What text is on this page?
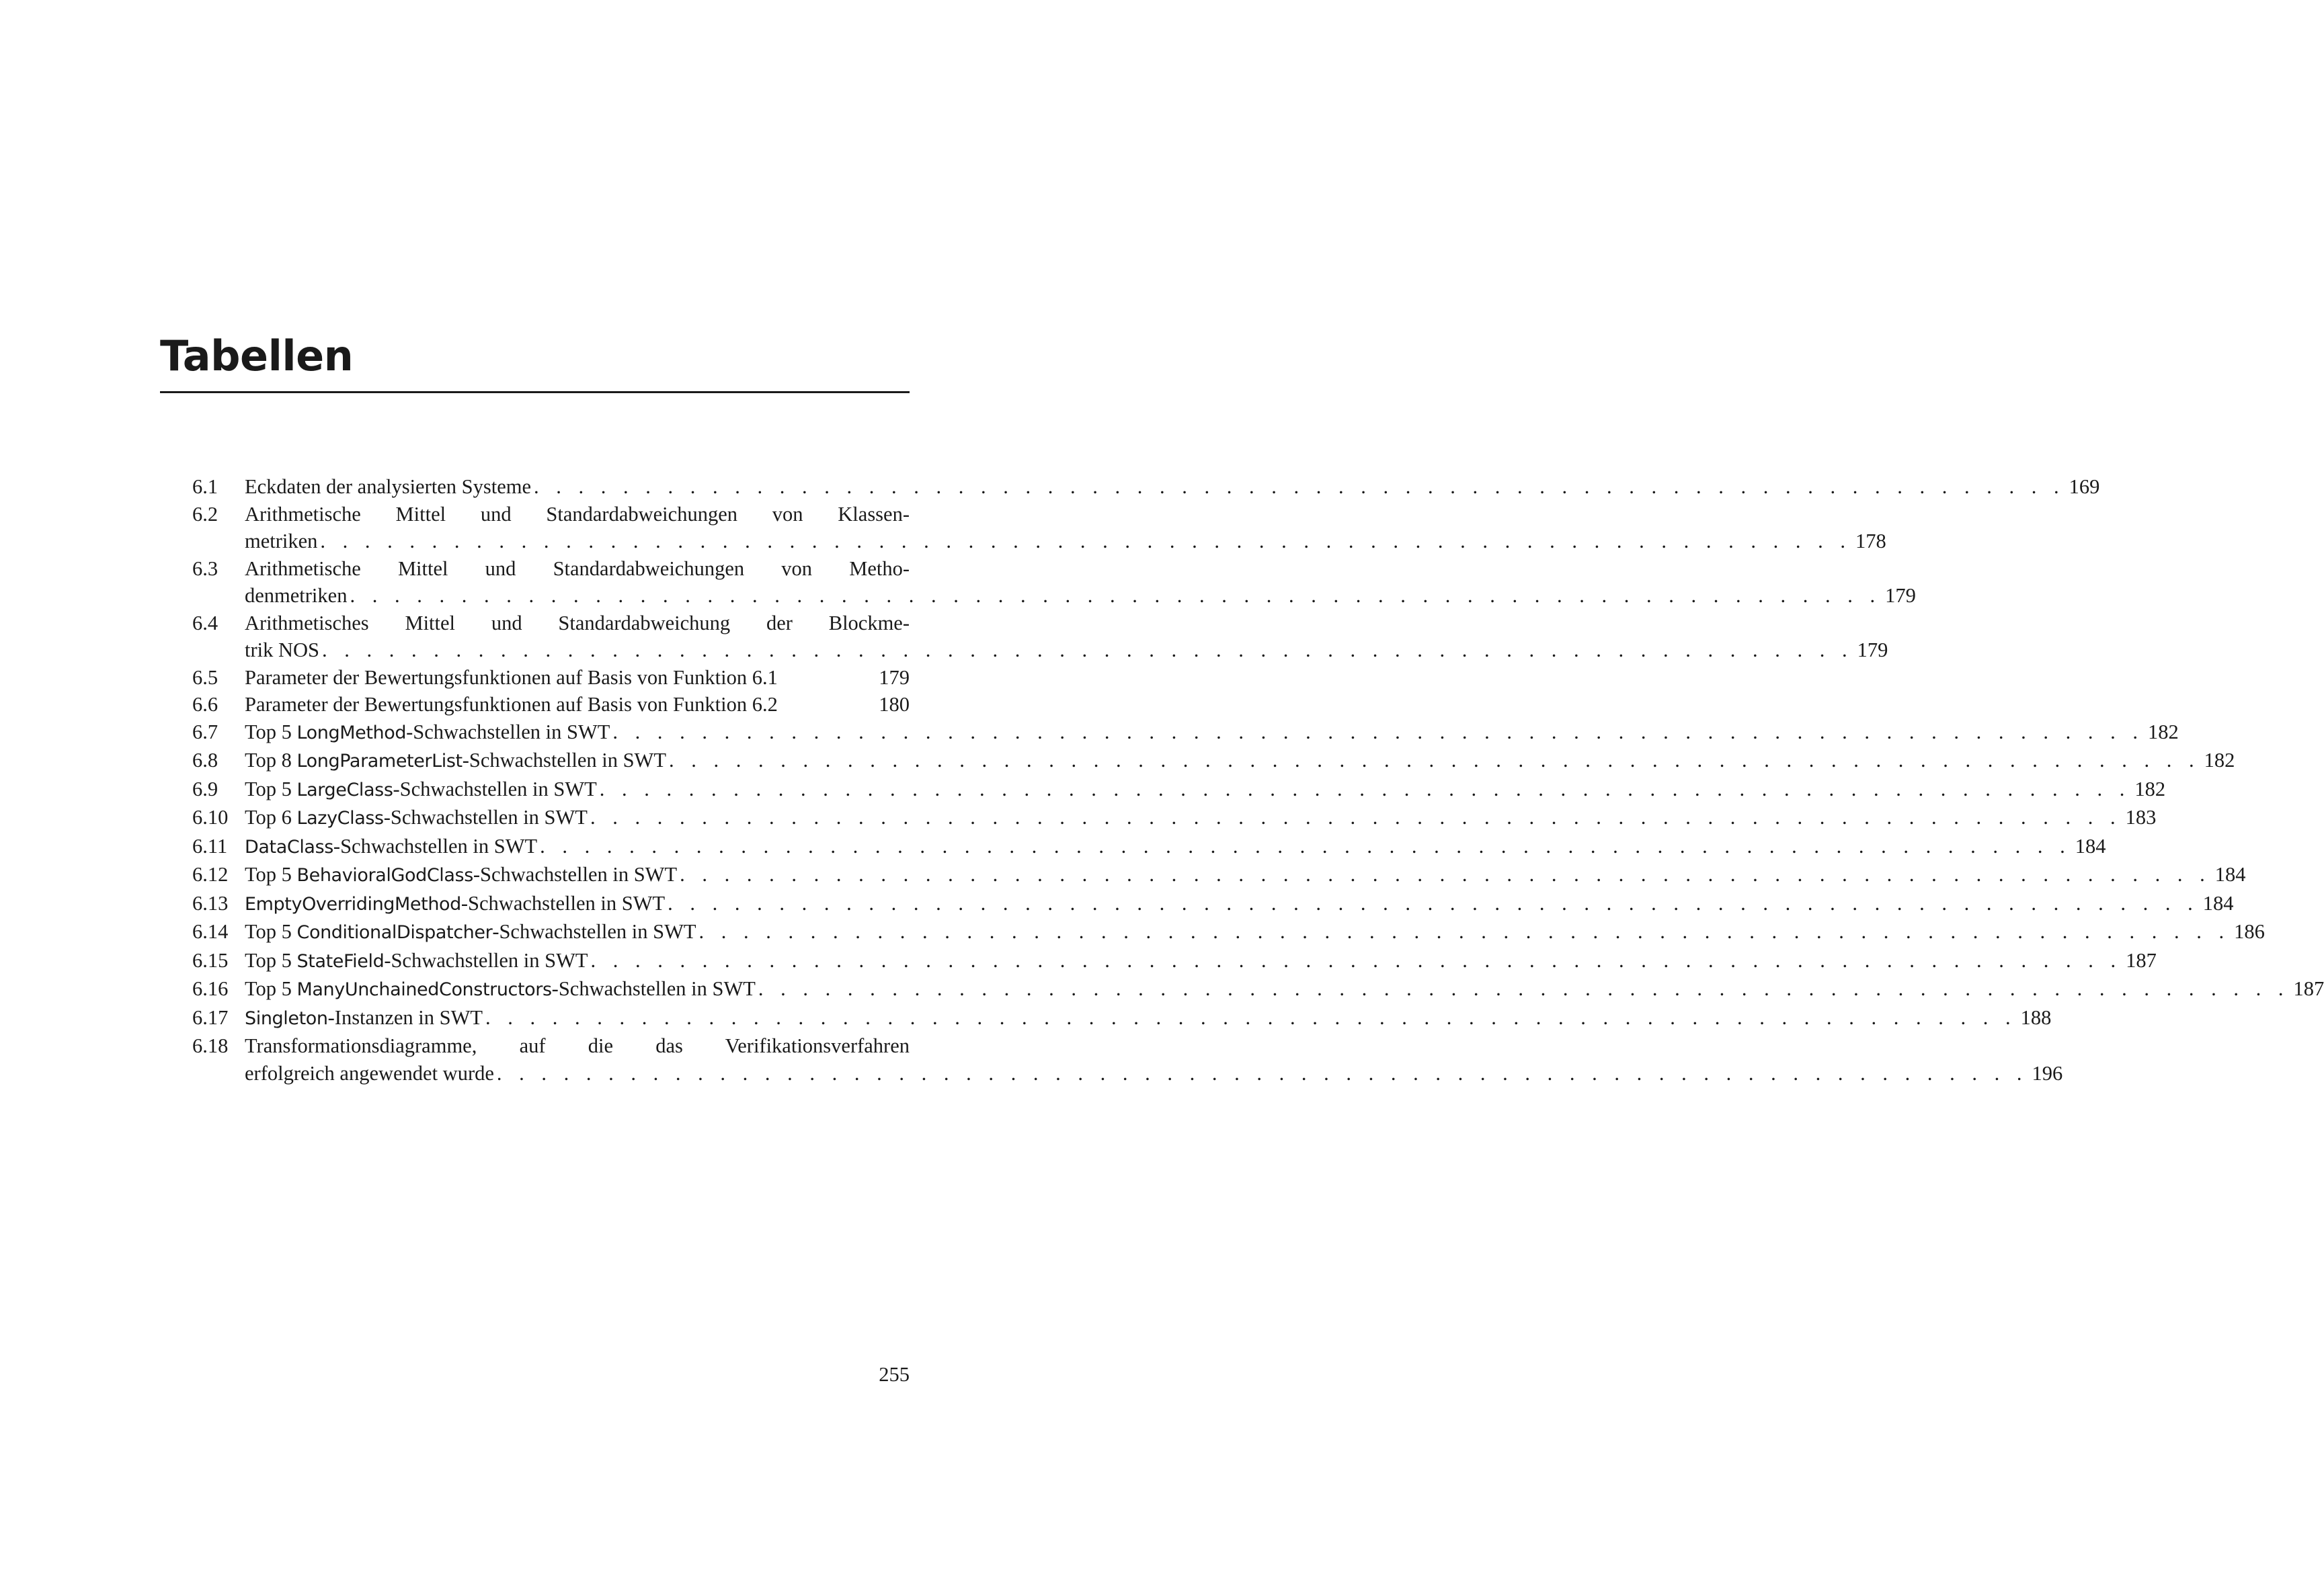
Tabellen
6.1 Eckdaten der analysierten Systeme . . . . . . . . . . . . . . . . . . . . . . . . . . . . . . . . . . . . . . . . . . . . . . . . . . . . . . . . . . . . . . . . . . . . . 169
6.2 Arithmetische Mittel und Standardabweichungen von Klassen-
metriken . . . . . . . . . . . . . . . . . . . . . . . . . . . . . . . . . . . . . . . . . . . . . . . . . . . . . . . . . . . . . . . . . . . . . 178
6.3 Arithmetische Mittel und Standardabweichungen von Metho-
denmetriken . . . . . . . . . . . . . . . . . . . . . . . . . . . . . . . . . . . . . . . . . . . . . . . . . . . . . . . . . . . . . . . . . . . . . 179
6.4 Arithmetisches Mittel und Standardabweichung der Blockme-
trik NOS . . . . . . . . . . . . . . . . . . . . . . . . . . . . . . . . . . . . . . . . . . . . . . . . . . . . . . . . . . . . . . . . . . . . . 179
6.5 Parameter der Bewertungsfunktionen auf Basis von Funktion 6.1	179
6.6 Parameter der Bewertungsfunktionen auf Basis von Funktion 6.2	180
6.7 Top 5 LongMethod-Schwachstellen in SWT . . . . . . . . . . . . . . . . . . . . . . . . . . . . . . . . . . . . . . . . . . . . . . . . . . . . . . . . . . . . . . . . . . . . . 182
6.8 Top 8 LongParameterList-Schwachstellen in SWT . . . . . . . . . . . . . . . . . . . . . . . . . . . . . . . . . . . . . . . . . . . . . . . . . . . . . . . . . . . . . . . . . . . . . 182
6.9 Top 5 LargeClass-Schwachstellen in SWT . . . . . . . . . . . . . . . . . . . . . . . . . . . . . . . . . . . . . . . . . . . . . . . . . . . . . . . . . . . . . . . . . . . . . 182
6.10 Top 6 LazyClass-Schwachstellen in SWT . . . . . . . . . . . . . . . . . . . . . . . . . . . . . . . . . . . . . . . . . . . . . . . . . . . . . . . . . . . . . . . . . . . . . 183
6.11 DataClass-Schwachstellen in SWT . . . . . . . . . . . . . . . . . . . . . . . . . . . . . . . . . . . . . . . . . . . . . . . . . . . . . . . . . . . . . . . . . . . . . 184
6.12 Top 5 BehavioralGodClass-Schwachstellen in SWT . . . . . . . . . . . . . . . . . . . . . . . . . . . . . . . . . . . . . . . . . . . . . . . . . . . . . . . . . . . . . . . . . . . . . 184
6.13 EmptyOverridingMethod-Schwachstellen in SWT . . . . . . . . . . . . . . . . . . . . . . . . . . . . . . . . . . . . . . . . . . . . . . . . . . . . . . . . . . . . . . . . . . . . . 184
6.14 Top 5 ConditionalDispatcher-Schwachstellen in SWT . . . . . . . . . . . . . . . . . . . . . . . . . . . . . . . . . . . . . . . . . . . . . . . . . . . . . . . . . . . . . . . . . . . . . 186
6.15 Top 5 StateField-Schwachstellen in SWT . . . . . . . . . . . . . . . . . . . . . . . . . . . . . . . . . . . . . . . . . . . . . . . . . . . . . . . . . . . . . . . . . . . . . 187
6.16 Top 5 ManyUnchainedConstructors-Schwachstellen in SWT . . . . . . . . . . . . . . . . . . . . . . . . . . . . . . . . . . . . . . . . . . . . . . . . . . . . . . . . . . . . . . . . . . . . . 187
6.17 Singleton-Instanzen in SWT . . . . . . . . . . . . . . . . . . . . . . . . . . . . . . . . . . . . . . . . . . . . . . . . . . . . . . . . . . . . . . . . . . . . . 188
6.18 Transformationsdiagramme, auf die das Verifikationsverfahren
erfolgreich angewendet wurde . . . . . . . . . . . . . . . . . . . . . . . . . . . . . . . . . . . . . . . . . . . . . . . . . . . . . . . . . . . . . . . . . . . . . 196
255
